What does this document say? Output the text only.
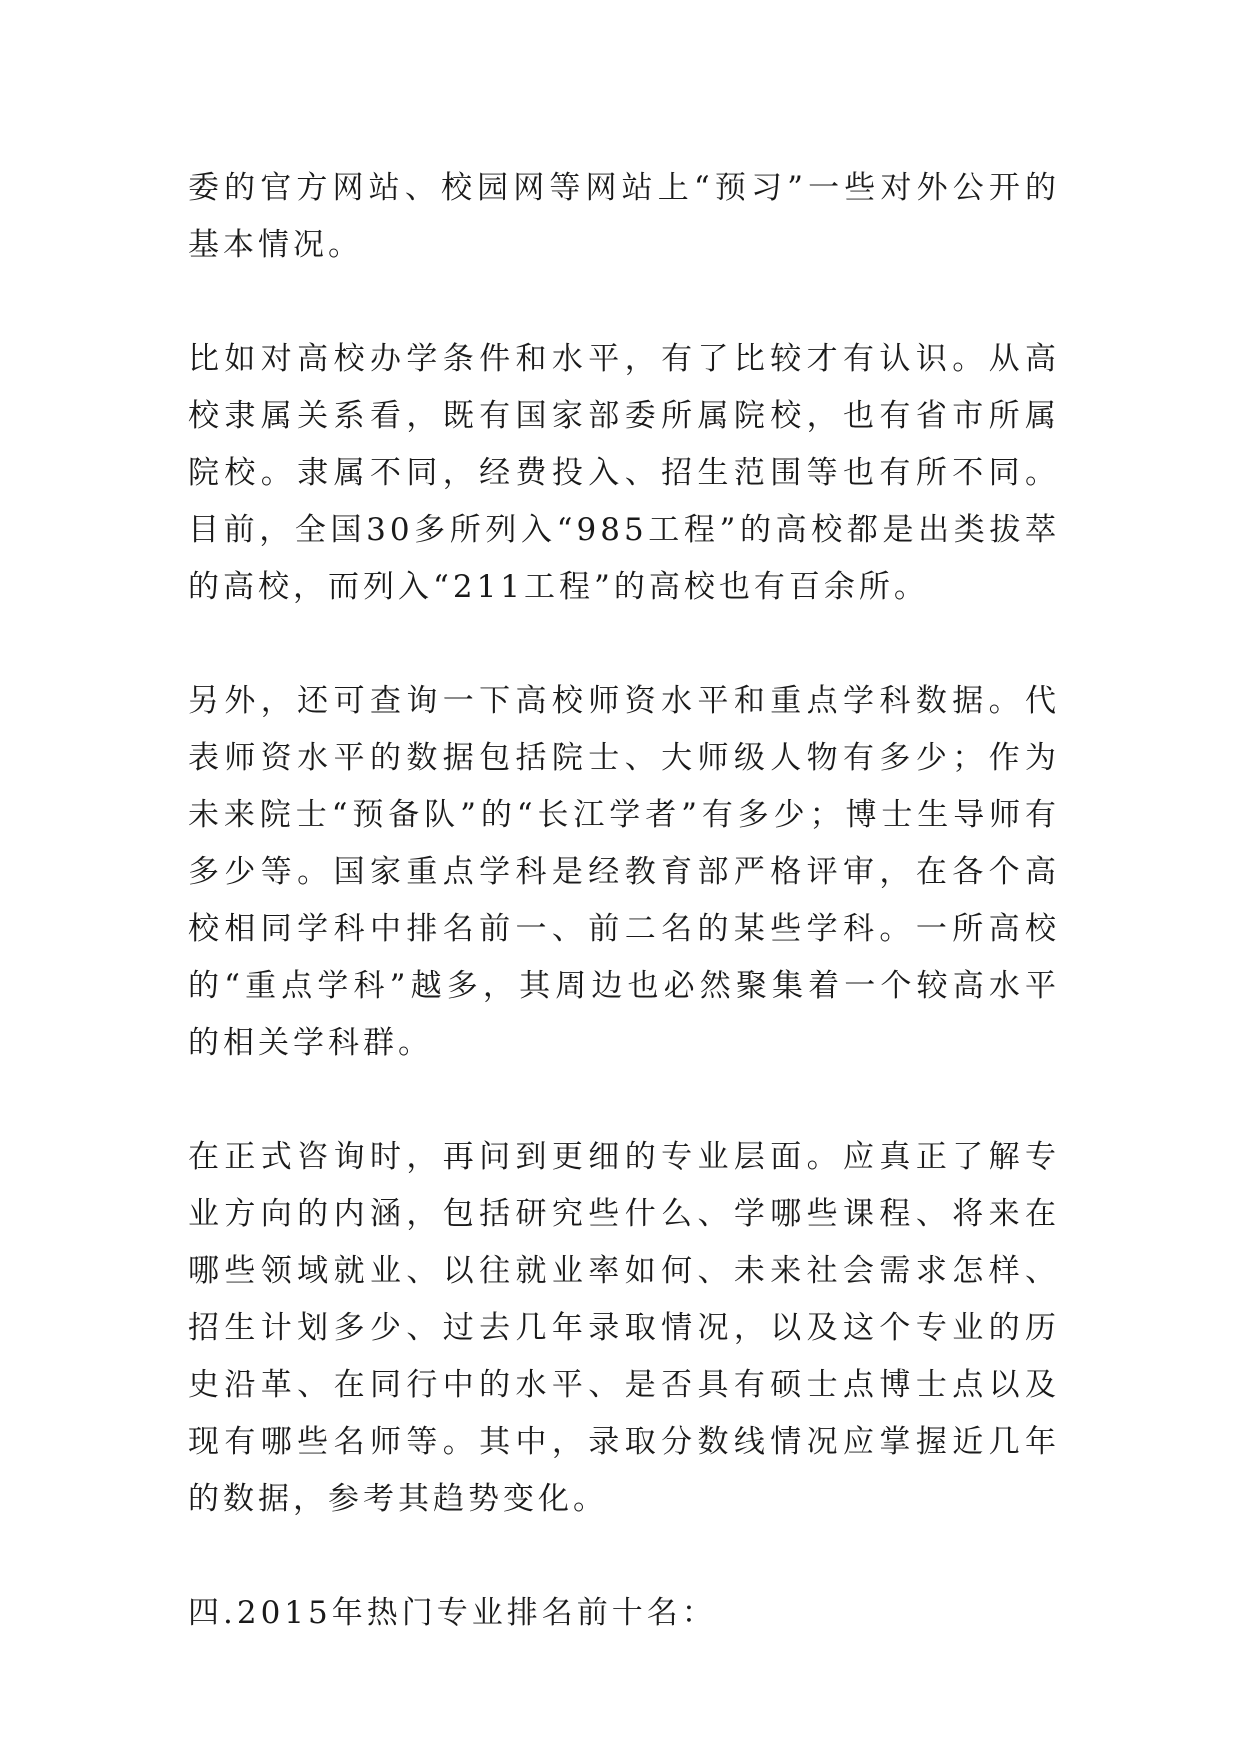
委的官方网站、校园网等网站上“预习”一些对外公开的基本情况。

比如对高校办学条件和水平，有了比较才有认识。从高校隶属关系看，既有国家部委所属院校，也有省市所属院校。隶属不同，经费投入、招生范围等也有所不同。目前，全国30多所列入“985工程”的高校都是出类拔萃的高校，而列入“211工程”的高校也有百余所。

另外，还可查询一下高校师资水平和重点学科数据。代表师资水平的数据包括院士、大师级人物有多少；作为未来院士“预备队”的“长江学者”有多少；博士生导师有多少等。国家重点学科是经教育部严格评审，在各个高校相同学科中排名前一、前二名的某些学科。一所高校的“重点学科”越多，其周边也必然聚集着一个较高水平的相关学科群。

在正式咨询时，再问到更细的专业层面。应真正了解专业方向的内涵，包括研究些什么、学哪些课程、将来在哪些领域就业、以往就业率如何、未来社会需求怎样、招生计划多少、过去几年录取情况，以及这个专业的历史沿革、在同行中的水平、是否具有硕士点博士点以及现有哪些名师等。其中，录取分数线情况应掌握近几年的数据，参考其趋势变化。

四.2015年热门专业排名前十名：
